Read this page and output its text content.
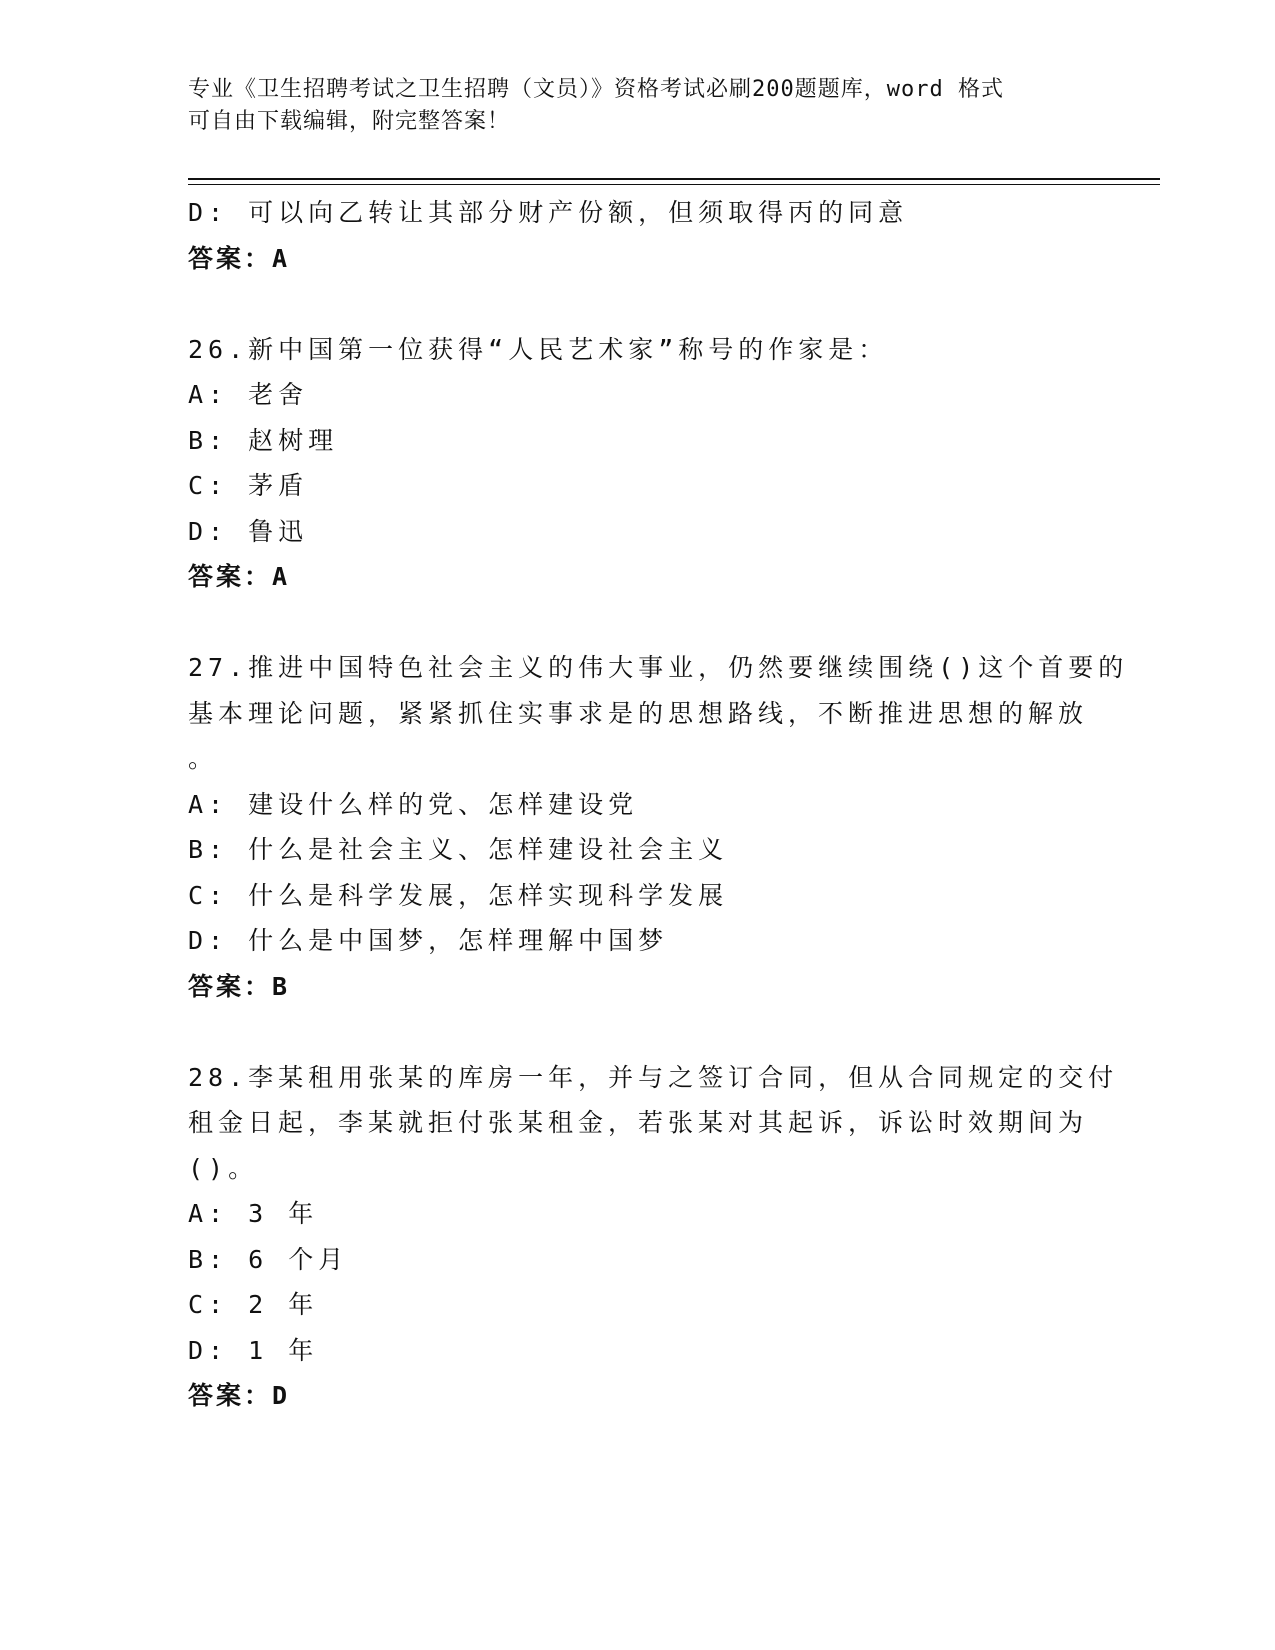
专业《卫生招聘考试之卫生招聘（文员）》资格考试必刷200题题库，word 格式
可自由下载编辑，附完整答案！
D: 可以向乙转让其部分财产份额，但须取得丙的同意
答案：A
26.新中国第一位获得“人民艺术家”称号的作家是：
A: 老舍
B: 赵树理
C: 茅盾
D: 鲁迅
答案：A
27.推进中国特色社会主义的伟大事业，仍然要继续围绕()这个首要的
基本理论问题，紧紧抓住实事求是的思想路线，不断推进思想的解放
。
A: 建设什么样的党、怎样建设党
B: 什么是社会主义、怎样建设社会主义
C: 什么是科学发展，怎样实现科学发展
D: 什么是中国梦，怎样理解中国梦
答案：B
28.李某租用张某的库房一年，并与之签订合同，但从合同规定的交付
租金日起，李某就拒付张某租金，若张某对其起诉，诉讼时效期间为
()。
A: 3 年
B: 6 个月
C: 2 年
D: 1 年
答案：D
